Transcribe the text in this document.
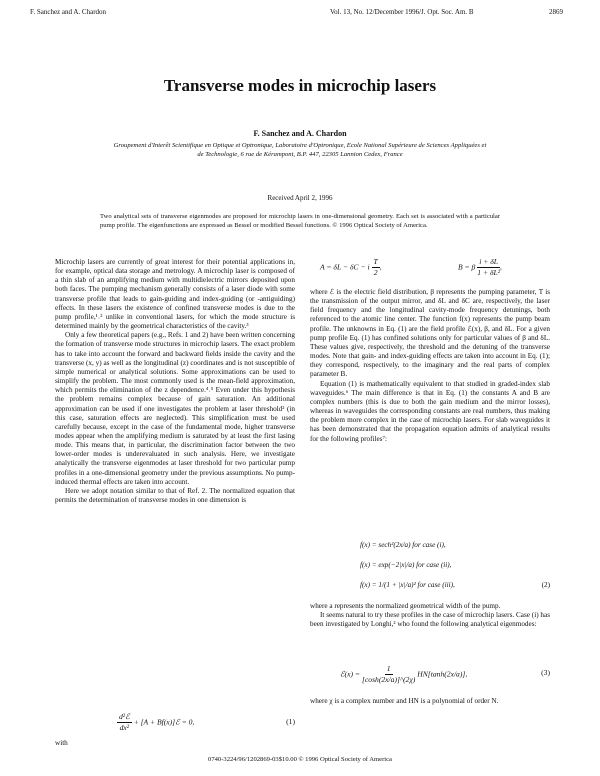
F. Sanchez and A. Chardon	Vol. 13, No. 12/December 1996/J. Opt. Soc. Am. B	2869
Transverse modes in microchip lasers
F. Sanchez and A. Chardon
Groupement d'Interêt Scientifique en Optique et Optronique, Laboratoire d'Optronique, Ecole National Supérieure de Sciences Appliquées et de Technologie, 6 rue de Kérampont, B.P. 447, 22305 Lannion Cedex, France
Received April 2, 1996
Two analytical sets of transverse eigenmodes are proposed for microchip lasers in one-dimensional geometry. Each set is associated with a particular pump profile. The eigenfunctions are expressed as Bessel or modified Bessel functions. © 1996 Optical Society of America.

Microchip lasers are currently of great interest for their potential applications in, for example, optical data storage and metrology. A microchip laser is composed of a thin slab of an amplifying medium with multidielectric mirrors deposited upon both faces. The pumping mechanism generally consists of a laser diode with some transverse profile that leads to gain-guiding and index-guiding (or -antiguiding) effects. In these lasers the existence of confined transverse modes is due to the pump profile,¹˒² unlike in conventional lasers, for which the mode structure is determined mainly by the geometrical characteristics of the cavity.³

Only a few theoretical papers (e.g., Refs. 1 and 2) have been written concerning the formation of transverse mode structures in microchip lasers. The exact problem has to take into account the forward and backward fields inside the cavity and the transverse (x, y) as well as the longitudinal (z) coordinates and is not susceptible of simple numerical or analytical solutions. Some approximations can be used to simplify the problem. The most commonly used is the mean-field approximation, which permits the elimination of the z dependence.⁴˒⁵ Even under this hypothesis the problem remains complex because of gain saturation. An additional approximation can be used if one investigates the problem at laser threshold² (in this case, saturation effects are neglected). This simplification must be used carefully because, except in the case of the fundamental mode, higher transverse modes appear when the amplifying medium is saturated by at least the first lasing mode. This means that, in particular, the discrimination factor between the two lower-order modes is underevaluated in such analysis. Here, we investigate analytically the transverse eigenmodes at laser threshold for two particular pump profiles in a one-dimensional geometry under the previous assumptions. No pump-induced thermal effects are taken into account.

Here we adopt notation similar to that of Ref. 2. The normalized equation that permits the determination of transverse modes in one dimension is

$\frac{\text{d²ℰ}}{\text{dx²}} + [A$ + Bf(x)]ℰ = 0,	(1)
with
A = δL − δC − i $\frac{T}{2}$ ,	B = β $\frac{i + \delta L}{\text{1 + δL²}}$ ,

where ℰ is the electric field distribution, β represents the pumping parameter, T is the transmission of the output mirror, and δL and δC are, respectively, the laser field frequency and the longitudinal cavity-mode frequency detunings, both referenced to the atomic line center. The function f(x) represents the pump beam profile. The unknowns in Eq. (1) are the field profile ℰ(x), β, and δL. For a given pump profile Eq. (1) has confined solutions only for particular values of β and δL. These values give, respectively, the threshold and the detuning of the transverse modes. Note that gain- and index-guiding effects are taken into account in Eq. (1); they correspond, respectively, to the imaginary and the real parts of complex parameter B.

Equation (1) is mathematically equivalent to that studied in graded-index slab waveguides.⁶ The main difference is that in Eq. (1) the constants A and B are complex numbers (this is due to both the gain medium and the mirror losses), whereas in waveguides the corresponding constants are real numbers, thus making the problem more complex in the case of microchip lasers. For slab waveguides it has been demonstrated that the propagation equation admits of analytical results for the following profiles⁷:

f(x) = sech²(2x/a) for case (i),
f(x) = exp(−2|x|/a) for case (ii),
f(x) = 1/(1 + |x|/a)² for case (iii),	(2)

where a represents the normalized geometrical width of the pump.

It seems natural to try these profiles in the case of microchip lasers. Case (i) has been investigated by Longhi,² who found the following analytical eigenmodes:

ℰ(x) = $\frac{1}{[\cosh(2x/a)]\^{}(2\chi)} HN[\tanh(2x/a)]$,	(3)

where χ is a complex number and HN is a polynomial of order N.

0740-3224/96/1202869-03$10.00 © 1996 Optical Society of America
